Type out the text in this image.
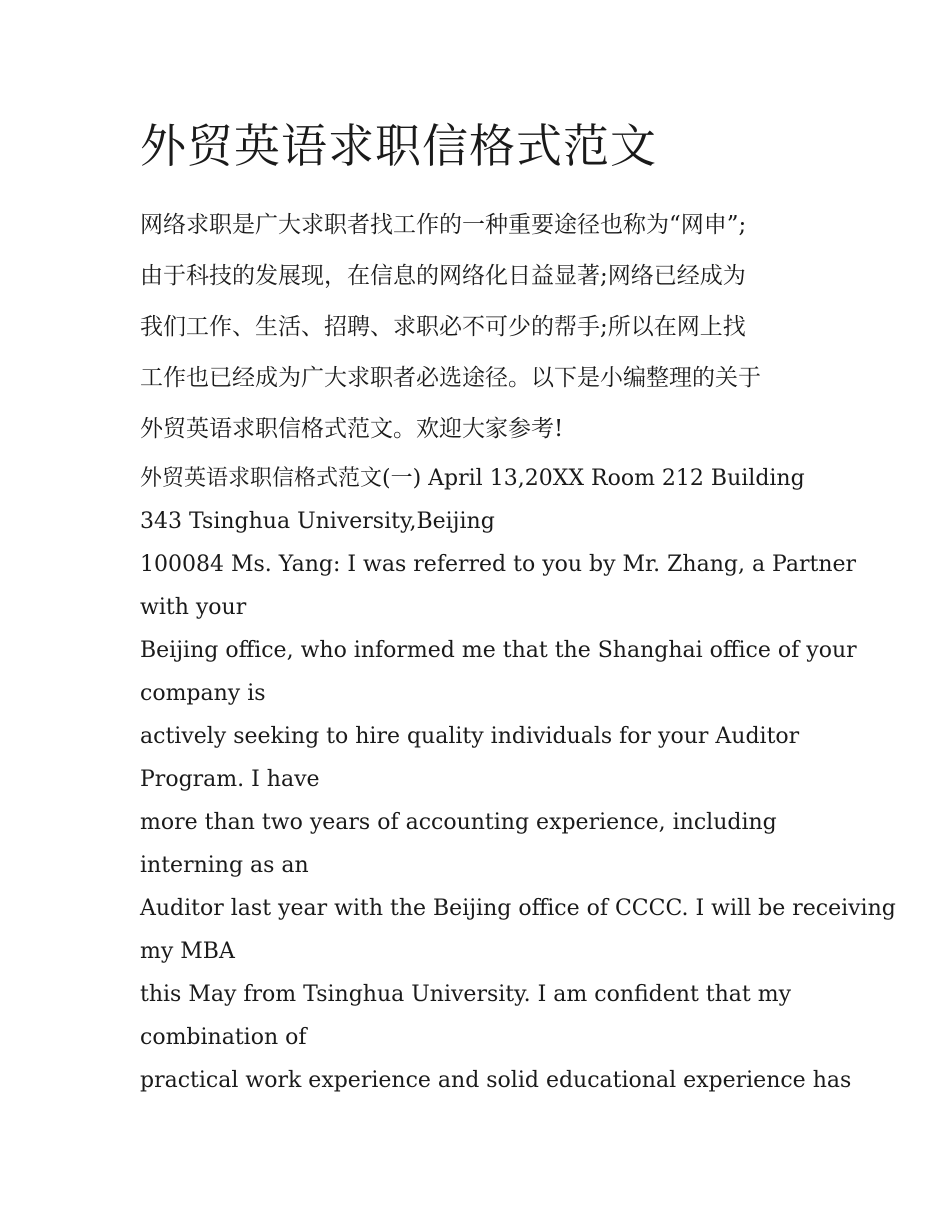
外贸英语求职信格式范文
网络求职是广大求职者找工作的一种重要途径也称为“网申”;
由于科技的发展现，在信息的网络化日益显著;网络已经成为
我们工作、生活、招聘、求职必不可少的帮手;所以在网上找
工作也已经成为广大求职者必选途径。以下是小编整理的关于
外贸英语求职信格式范文。欢迎大家参考!
外贸英语求职信格式范文(一) April 13,20XX Room 212 Building
343 Tsinghua University,Beijing
100084 Ms. Yang: I was referred to you by Mr. Zhang, a Partner
with your
Beijing office, who informed me that the Shanghai office of your
company is
actively seeking to hire quality individuals for your Auditor
Program. I have
more than two years of accounting experience, including
interning as an
Auditor last year with the Beijing office of CCCC. I will be receiving
my MBA
this May from Tsinghua University. I am confident that my
combination of
practical work experience and solid educational experience has
